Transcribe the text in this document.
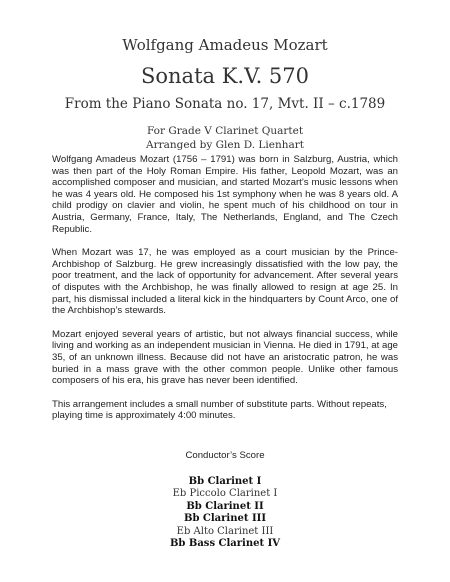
Wolfgang Amadeus Mozart
Sonata K.V. 570
From the Piano Sonata no. 17, Mvt. II – c.1789
For Grade V Clarinet Quartet
Arranged by Glen D. Lienhart

Wolfgang Amadeus Mozart (1756 – 1791) was born in Salzburg, Austria, which was then part of the Holy Roman Empire. His father, Leopold Mozart, was an accomplished composer and musician, and started Mozart’s music lessons when he was 4 years old. He composed his 1st symphony when he was 8 years old. A child prodigy on clavier and violin, he spent much of his childhood on tour in Austria, Germany, France, Italy, The Netherlands, England, and The Czech Republic.

When Mozart was 17, he was employed as a court musician by the Prince-Archbishop of Salzburg. He grew increasingly dissatisfied with the low pay, the poor treatment, and the lack of opportunity for advancement. After several years of disputes with the Archbishop, he was finally allowed to resign at age 25. In part, his dismissal included a literal kick in the hindquarters by Count Arco, one of the Archbishop’s stewards.

Mozart enjoyed several years of artistic, but not always financial success, while living and working as an independent musician in Vienna. He died in 1791, at age 35, of an unknown illness. Because did not have an aristocratic patron, he was buried in a mass grave with the other common people. Unlike other famous composers of his era, his grave has never been identified.

This arrangement includes a small number of substitute parts. Without repeats, playing time is approximately 4:00 minutes.

Conductor’s Score
Bb Clarinet I
Eb Piccolo Clarinet I
Bb Clarinet II
Bb Clarinet III
Eb Alto Clarinet III
Bb Bass Clarinet IV
